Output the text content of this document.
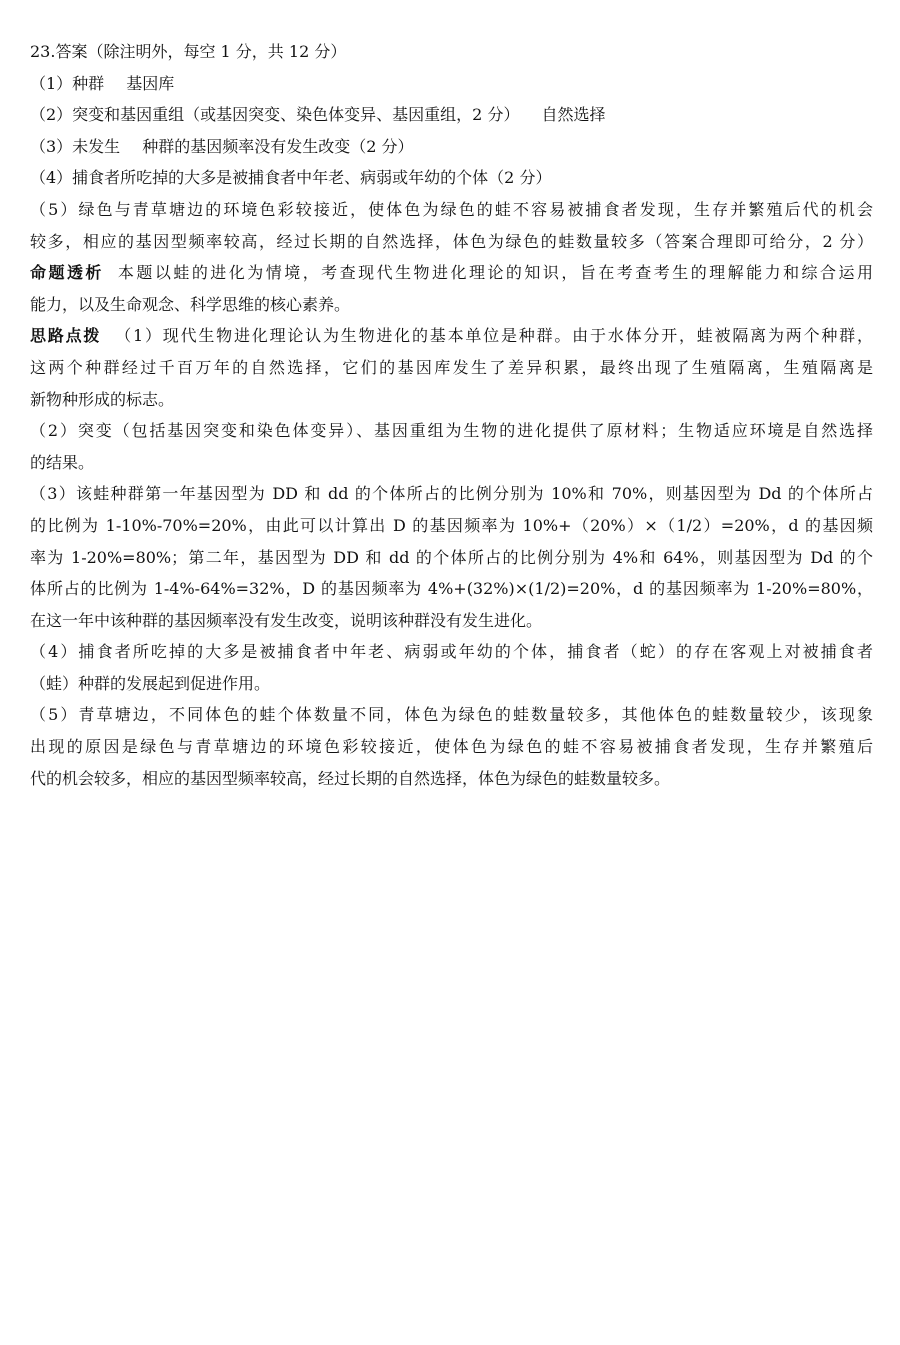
23.答案（除注明外，每空 1 分，共 12 分）
（1）种群 基因库
（2）突变和基因重组（或基因突变、染色体变异、基因重组，2 分） 自然选择
（3）未发生 种群的基因频率没有发生改变（2 分）
（4）捕食者所吃掉的大多是被捕食者中年老、病弱或年幼的个体（2 分）
（5）绿色与青草塘边的环境色彩较接近，使体色为绿色的蛙不容易被捕食者发现，生存并繁殖后代的机会
较多，相应的基因型频率较高，经过长期的自然选择，体色为绿色的蛙数量较多（答案合理即可给分，2 分）
命题透析 本题以蛙的进化为情境，考查现代生物进化理论的知识，旨在考查考生的理解能力和综合运用
能力，以及生命观念、科学思维的核心素养。
思路点拨 （1）现代生物进化理论认为生物进化的基本单位是种群。由于水体分开，蛙被隔离为两个种群，
这两个种群经过千百万年的自然选择，它们的基因库发生了差异积累，最终出现了生殖隔离，生殖隔离是
新物种形成的标志。
（2）突变（包括基因突变和染色体变异）、基因重组为生物的进化提供了原材料；生物适应环境是自然选择
的结果。
（3）该蛙种群第一年基因型为 DD 和 dd 的个体所占的比例分别为 10%和 70%，则基因型为 Dd 的个体所占
的比例为 1-10%-70%=20%，由此可以计算出 D 的基因频率为 10%+（20%）×（1/2）=20%，d 的基因频
率为 1-20%=80%；第二年，基因型为 DD 和 dd 的个体所占的比例分别为 4%和 64%，则基因型为 Dd 的个
体所占的比例为 1-4%-64%=32%，D 的基因频率为 4%+(32%)×(1/2)=20%，d 的基因频率为 1-20%=80%，
在这一年中该种群的基因频率没有发生改变，说明该种群没有发生进化。
（4）捕食者所吃掉的大多是被捕食者中年老、病弱或年幼的个体，捕食者（蛇）的存在客观上对被捕食者
（蛙）种群的发展起到促进作用。
（5）青草塘边，不同体色的蛙个体数量不同，体色为绿色的蛙数量较多，其他体色的蛙数量较少，该现象
出现的原因是绿色与青草塘边的环境色彩较接近，使体色为绿色的蛙不容易被捕食者发现，生存并繁殖后
代的机会较多，相应的基因型频率较高，经过长期的自然选择，体色为绿色的蛙数量较多。
